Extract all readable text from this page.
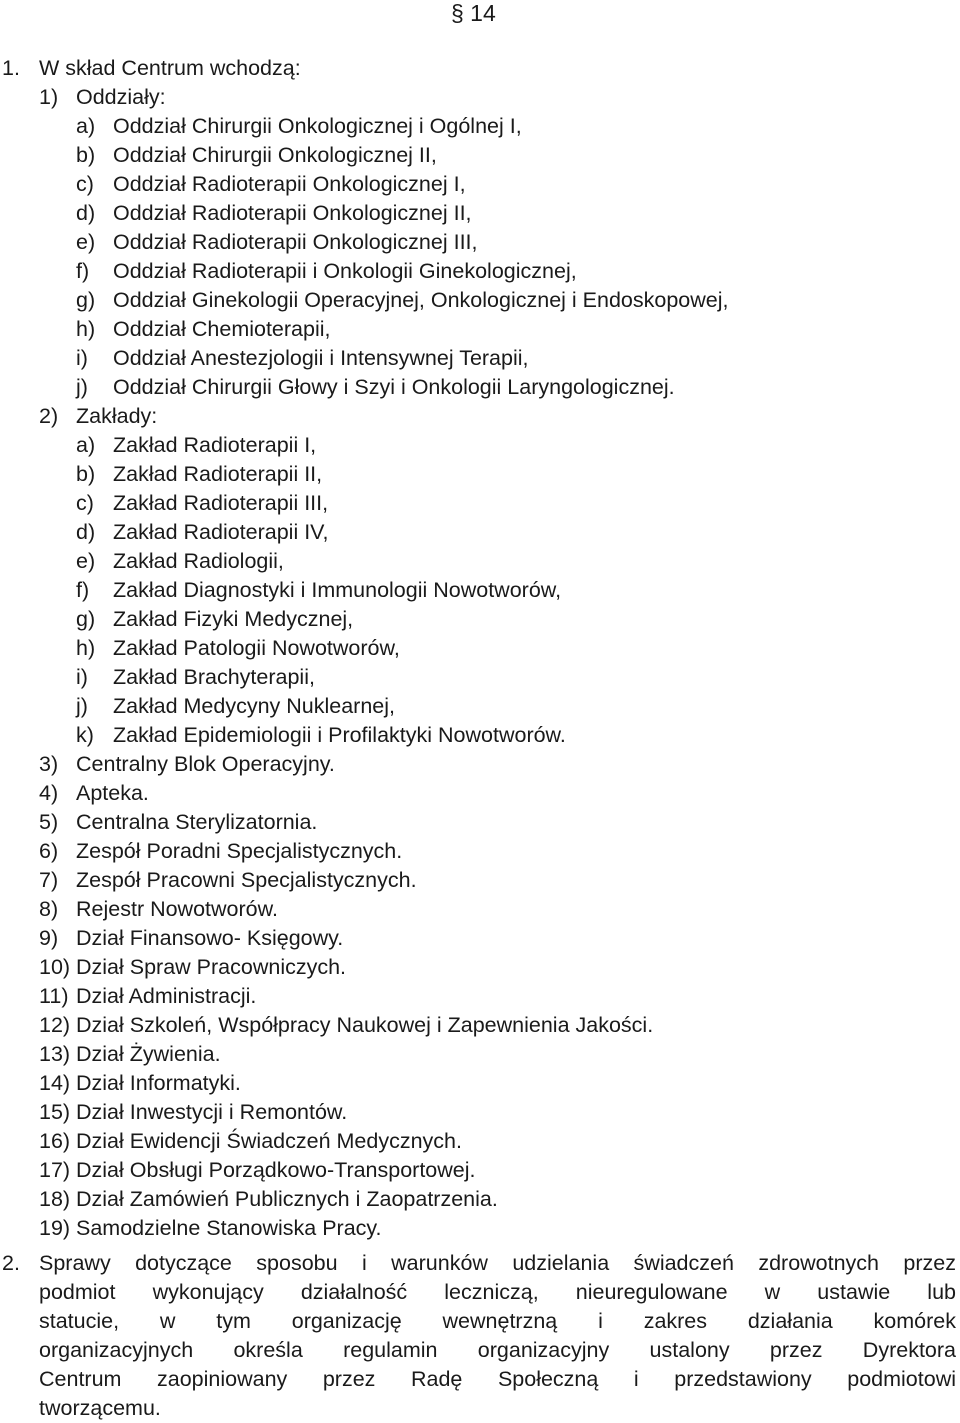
§ 14
1. W skład Centrum wchodzą:
1) Oddziały:
a) Oddział Chirurgii Onkologicznej i Ogólnej I,
b) Oddział Chirurgii Onkologicznej II,
c) Oddział Radioterapii Onkologicznej I,
d) Oddział Radioterapii Onkologicznej II,
e) Oddział Radioterapii Onkologicznej III,
f) Oddział Radioterapii i Onkologii Ginekologicznej,
g) Oddział Ginekologii Operacyjnej, Onkologicznej i Endoskopowej,
h) Oddział Chemioterapii,
i) Oddział Anestezjologii i Intensywnej Terapii,
j) Oddział Chirurgii Głowy i Szyi i Onkologii Laryngologicznej.
2) Zakłady:
a) Zakład Radioterapii I,
b) Zakład Radioterapii II,
c) Zakład Radioterapii III,
d) Zakład Radioterapii IV,
e) Zakład Radiologii,
f) Zakład Diagnostyki i Immunologii Nowotworów,
g) Zakład Fizyki Medycznej,
h) Zakład Patologii Nowotworów,
i) Zakład Brachyterapii,
j) Zakład Medycyny Nuklearnej,
k) Zakład Epidemiologii i Profilaktyki Nowotworów.
3) Centralny Blok Operacyjny.
4) Apteka.
5) Centralna Sterylizatornia.
6) Zespół Poradni Specjalistycznych.
7) Zespół Pracowni Specjalistycznych.
8) Rejestr Nowotworów.
9) Dział Finansowo- Księgowy.
10) Dział Spraw Pracowniczych.
11) Dział Administracji.
12) Dział Szkoleń, Współpracy Naukowej i Zapewnienia Jakości.
13) Dział Żywienia.
14) Dział Informatyki.
15) Dział Inwestycji i Remontów.
16) Dział Ewidencji Świadczeń Medycznych.
17) Dział Obsługi Porządkowo-Transportowej.
18) Dział Zamówień Publicznych i Zaopatrzenia.
19) Samodzielne Stanowiska Pracy.
2. Sprawy dotyczące sposobu i warunków udzielania świadczeń zdrowotnych przez
podmiot wykonujący działalność leczniczą, nieuregulowane w ustawie lub
statucie, w tym organizację wewnętrzną i zakres działania komórek
organizacyjnych określa regulamin organizacyjny ustalony przez Dyrektora
Centrum zaopiniowany przez Radę Społeczną i przedstawiony podmiotowi
tworzącemu.
